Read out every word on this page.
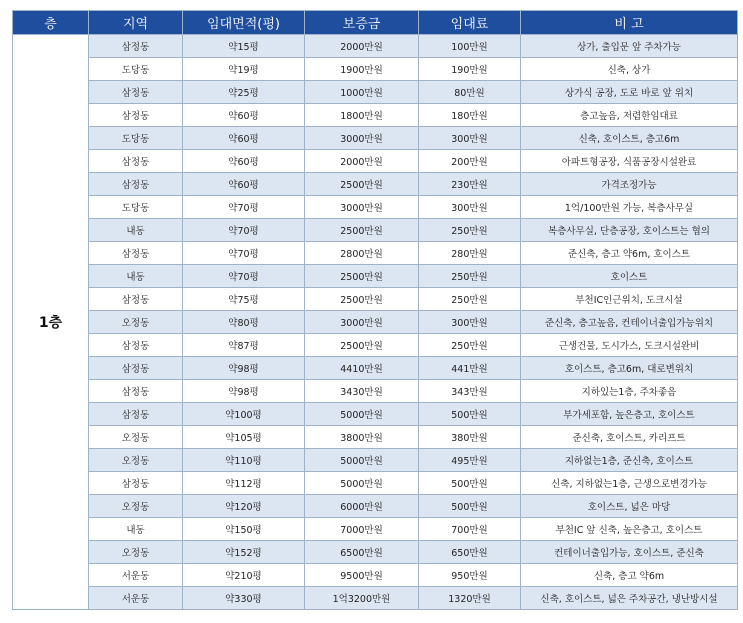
층	지역	임대면적(평)	보증금	임대료	비 고
1층	삼정동	약15평	2000만원	100만원	상가, 출입문 앞 주차가능
	도당동	약19평	1900만원	190만원	신축, 상가
	삼정동	약25평	1000만원	80만원	상가식 공장, 도로 바로 앞 위치
	삼정동	약60평	1800만원	180만원	층고높음, 저렴한임대료
	도당동	약60평	3000만원	300만원	신축, 호이스트, 층고6m
	삼정동	약60평	2000만원	200만원	아파트형공장, 식품공장시설완료
	삼정동	약60평	2500만원	230만원	가격조정가능
	도당동	약70평	3000만원	300만원	1억/100만원 가능, 복층사무실
	내동	약70평	2500만원	250만원	복층사무실, 단층공장, 호이스트는 협의
	삼정동	약70평	2800만원	280만원	준신축, 층고 약6m, 호이스트
	내동	약70평	2500만원	250만원	호이스트
	삼정동	약75평	2500만원	250만원	부천IC인근위치, 도크시설
	오정동	약80평	3000만원	300만원	준신축, 층고높음, 컨테이너출입가능위치
	삼정동	약87평	2500만원	250만원	근생건물, 도시가스, 도크시설완비
	삼정동	약98평	4410만원	441만원	호이스트, 층고6m, 대로변위치
	삼정동	약98평	3430만원	343만원	지하있는1층, 주차좋음
	삼정동	약100평	5000만원	500만원	부가세포함, 높은층고, 호이스트
	오정동	약105평	3800만원	380만원	준신축, 호이스트, 카리프트
	오정동	약110평	5000만원	495만원	지하없는1층, 준신축, 호이스트
	삼정동	약112평	5000만원	500만원	신축, 지하없는1층, 근생으로변경가능
	오정동	약120평	6000만원	500만원	호이스트, 넓은 마당
	내동	약150평	7000만원	700만원	부천IC 앞 신축, 높은층고, 호이스트
	오정동	약152평	6500만원	650만원	컨테이너출입가능, 호이스트, 준신축
	서운동	약210평	9500만원	950만원	신축, 층고 약6m
	서운동	약330평	1억3200만원	1320만원	신축, 호이스트, 넓은 주차공간, 냉난방시설
